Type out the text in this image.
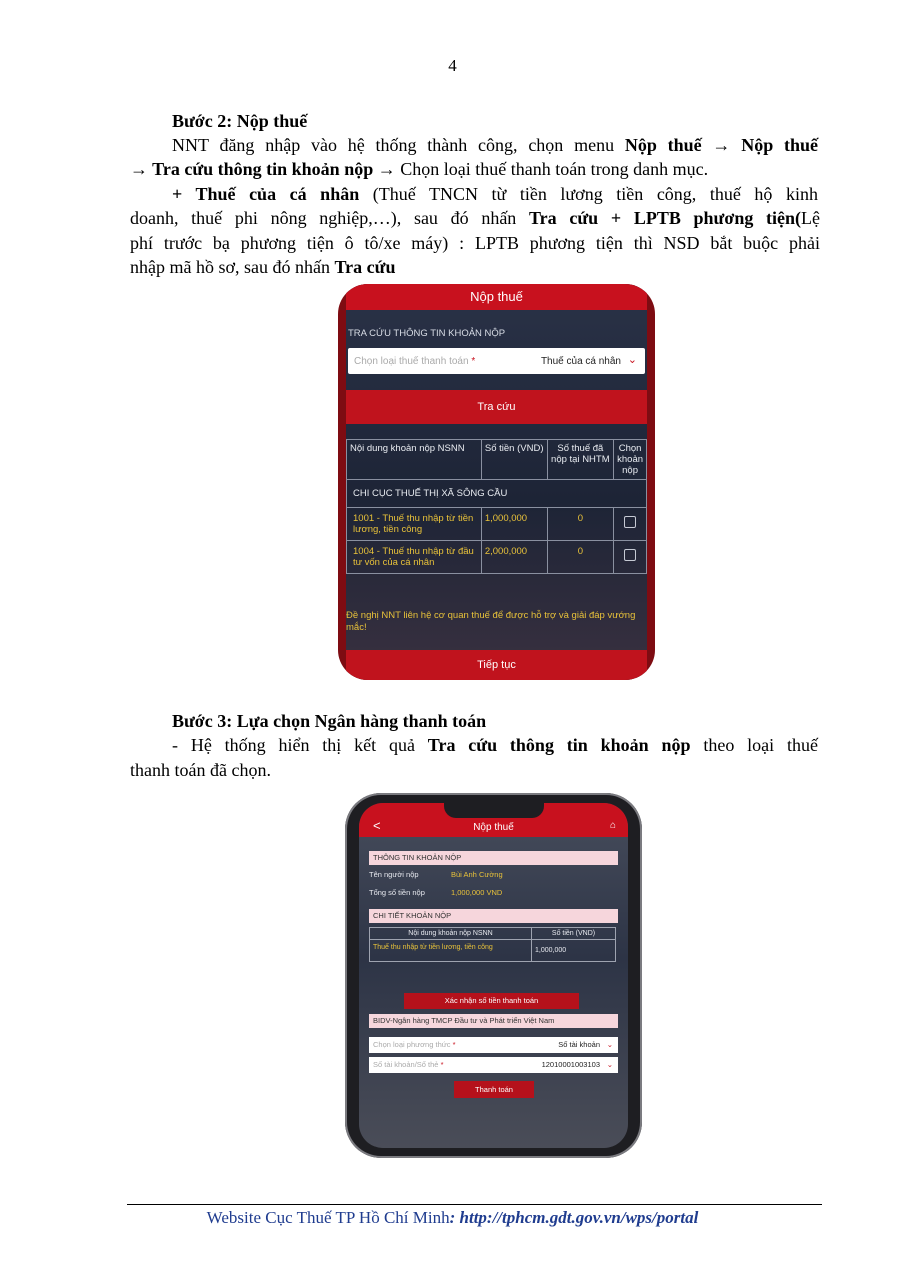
4
Bước 2: Nộp thuế
NNT đăng nhập vào hệ thống thành công, chọn menu Nộp thuế → Nộp thuế
→ Tra cứu thông tin khoản nộp → Chọn loại thuế thanh toán trong danh mục.
+ Thuế của cá nhân (Thuế TNCN từ tiền lương tiền công, thuế hộ kinh
doanh, thuế phi nông nghiệp,…), sau đó nhấn Tra cứu + LPTB phương tiện(Lệ
phí trước bạ phương tiện ô tô/xe máy) : LPTB phương tiện thì NSD bắt buộc phải
nhập mã hồ sơ, sau đó nhấn Tra cứu
Nộp thuế
TRA CỨU THÔNG TIN KHOẢN NỘP
Chọn loại thuế thanh toán *	Thuế của cá nhân ⌄
Tra cứu
Nội dung khoản nộp NSNN	Số tiền (VND)	Số thuế đã nộp tại NHTM	Chọn khoản nộp
CHI CỤC THUẾ THỊ XÃ SÔNG CẦU			
1001 - Thuế thu nhập từ tiền lương, tiền công	1,000,000	0	
1004 - Thuế thu nhập từ đầu tư vốn của cá nhân	2,000,000	0	
Đề nghị NNT liên hệ cơ quan thuế để được hỗ trợ và giải đáp vướng mắc!
Tiếp tục
Bước 3: Lựa chọn Ngân hàng thanh toán
- Hệ thống hiển thị kết quả Tra cứu thông tin khoản nộp theo loại thuế
thanh toán đã chọn.
<	Nộp thuế	⌂
THÔNG TIN KHOẢN NỘP
Tên người nộp	Bùi Anh Cường
Tổng số tiền nộp	1,000,000 VND
CHI TIẾT KHOẢN NỘP
Nội dung khoản nộp NSNN	Số tiền (VND)
Thuế thu nhập từ tiền lương, tiền công	1,000,000
Xác nhận số tiền thanh toán
BIDV-Ngân hàng TMCP Đầu tư và Phát triển Việt Nam
Chọn loại phương thức *	Số tài khoản ⌄
Số tài khoản/Số thẻ *	12010001003103 ⌄
Thanh toán
Website Cục Thuế TP Hồ Chí Minh: http://tphcm.gdt.gov.vn/wps/portal
